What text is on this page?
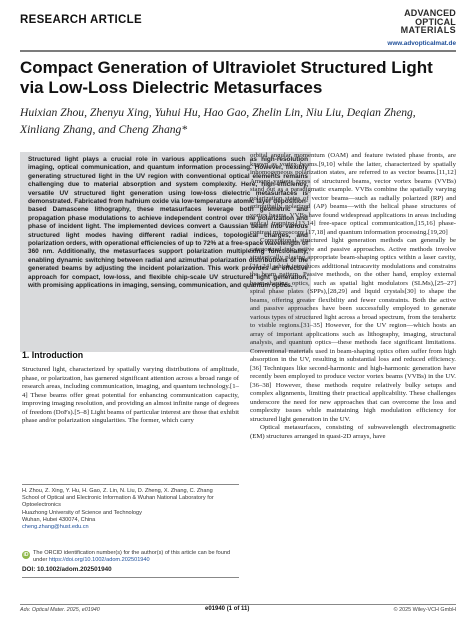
RESEARCH ARTICLE
ADVANCED
OPTICAL
MATERIALS
www.advopticalmat.de
Compact Generation of Ultraviolet Structured Light via Low-Loss Dielectric Metasurfaces
Huixian Zhou, Zhenyu Xing, Yuhui Hu, Hao Gao, Zhelin Lin, Niu Liu, Deqian Zheng, Xinliang Zhang, and Cheng Zhang*
Structured light plays a crucial role in various applications such as high-resolution imaging, optical communication, and quantum information processing. However, flexibly generating structured light in the UV region with conventional optical elements remains challenging due to material absorption and system complexity. Here, high-efficiency, versatile UV structured light generation using low-loss dielectric metasurfaces is demonstrated. Fabricated from hafnium oxide via low-temperature atomic layer deposition-based Damascene lithography, these metasurfaces leverage both geometric and propagation phase modulations to achieve independent control over the polarization and phase of incident light. The implemented devices convert a Gaussian beam into various structured light modes having different radial indices, topological charges, and polarization orders, with operational efficiencies of up to 72% at a free-space wavelength of 360 nm. Additionally, the metasurfaces support polarization multiplexing functionality, enabling dynamic switching between radial and azimuthal polarization distributions of the generated beams by adjusting the incident polarization. This work provides an effective approach for compact, low-loss, and flexible chip-scale UV structured light generation, with promising applications in imaging, sensing, communication, and quantum optics.
1. Introduction
Structured light, characterized by spatially varying distributions of amplitude, phase, or polarization, has garnered significant attention across a broad range of research areas, including communication, imaging, and quantum technology.[1–4] These beams offer great potential for enhancing communication capacity, improving imaging resolution, and providing an almost infinite range of degrees of freedom (DoFs).[5–8] Light beams of particular interest are those that exhibit phase and/or polarization singularities. The former, which carry
H. Zhou, Z. Xing, Y. Hu, H. Gao, Z. Lin, N. Liu, D. Zheng, X. Zhang, C. Zhang
School of Optical and Electronic Information & Wuhan National Laboratory for Optoelectronics
Huazhong University of Science and Technology
Wuhan, Hubei 430074, China
cheng.zhang@hust.edu.cn
iD The ORCID identification number(s) for the author(s) of this article can be found under https://doi.org/10.1002/adom.202501940
DOI: 10.1002/adom.202501940

orbital angular momentum (OAM) and feature twisted phase fronts, are known as vortex beams.[9,10] while the latter, characterized by spatially inhomogeneous polarization states, are referred to as vector beams.[11,12] Among various types of structured beams, vector vortex beams (VVBs) stand out as a paradigmatic example. VVBs combine the spatially varying polarization states of vector beams—such as radially polarized (RP) and azimuthally polarized (AP) beams—with the helical phase structures of vortex beams. VVBs have found widespread applications in areas including optical trapping,[13,14] free-space optical communication,[15,16] phase-contrast microscopy,[17,18] and quantum information processing.[19,20]

Conventional structured light generation methods can generally be categorized into active and passive approaches. Active methods involve strategically placing appropriate beam-shaping optics within a laser cavity,[21–24] which introduces additional intracavity modulations and constrains the beam pattern. Passive methods, on the other hand, employ external beam-shaping optics, such as spatial light modulators (SLMs),[25–27] spiral phase plates (SPPs),[28,29] and liquid crystals[30] to shape the beams, offering greater flexibility and fewer constraints. Both the active and passive approaches have been successfully employed to generate various types of structured light across a broad spectrum, from the terahertz to visible regions.[31–35] However, for the UV region—which hosts an array of important applications such as lithography, imaging, structural analysis, and quantum optics—these methods face significant limitations. Conventional materials used in beam-shaping optics often suffer from high absorption in the UV, resulting in substantial loss and reduced efficiency.[36] Techniques like second-harmonic and high-harmonic generation have recently been employed to produce vector vortex beams (VVBs) in the UV.[36–38] However, these methods require relatively bulky setups and complex alignments, limiting their practical applicability. These challenges underscore the need for new approaches that can overcome the loss and complexity issues while maintaining high modulation efficiency for structured light generation in the UV.

Optical metasurfaces, consisting of subwavelength electromagnetic (EM) structures arranged in quasi-2D arrays, have

Adv. Optical Mater. 2025, e01940	e01940 (1 of 11)	© 2025 Wiley-VCH GmbH
